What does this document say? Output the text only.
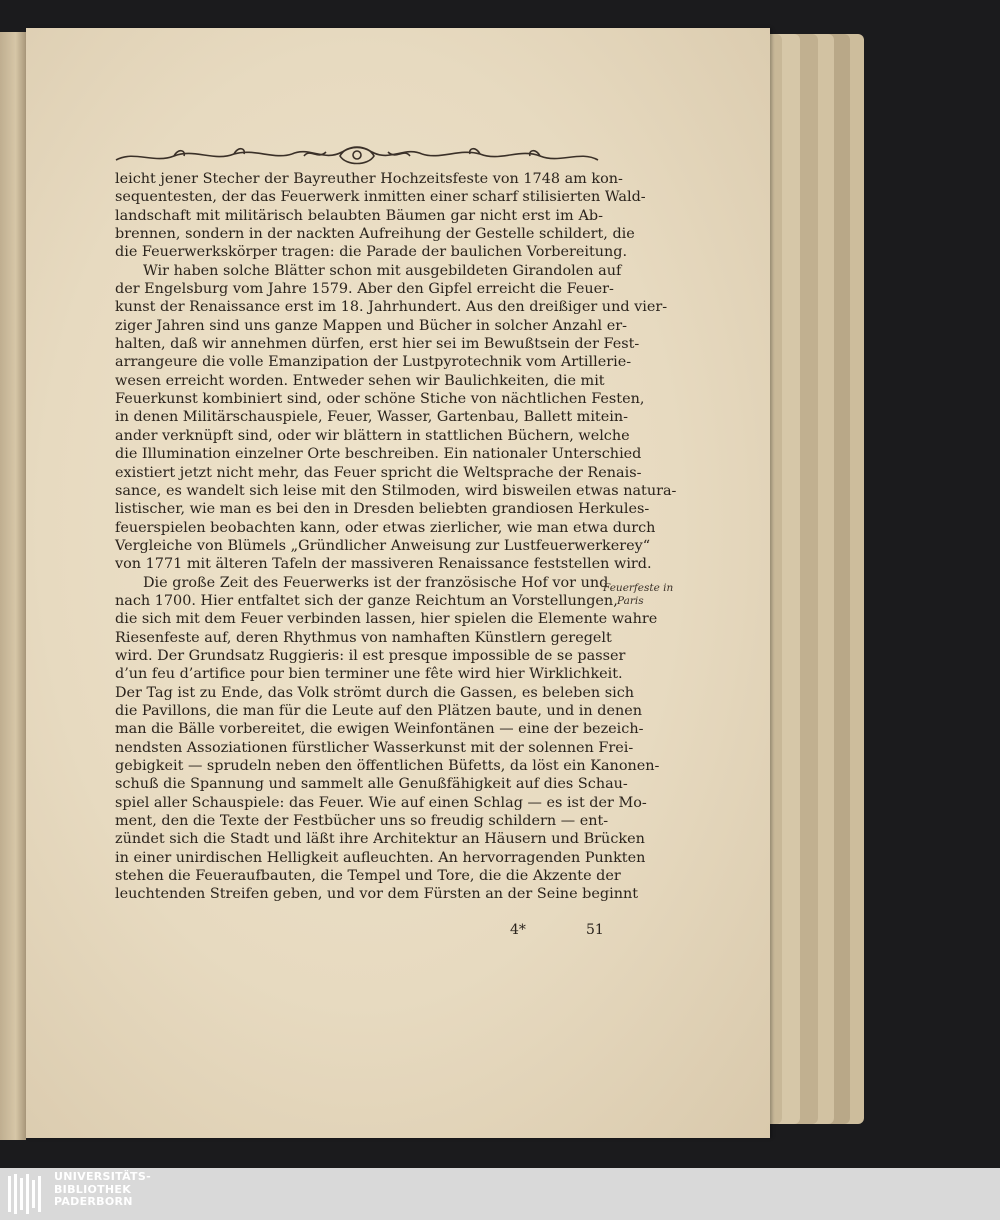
leicht jener Stecher der Bayreuther Hochzeitsfeste von 1748 am kon-
sequentesten, der das Feuerwerk inmitten einer scharf stilisierten Wald-
landschaft mit militärisch belaubten Bäumen gar nicht erst im Ab-
brennen, sondern in der nackten Aufreihung der Gestelle schildert, die
die Feuerwerkskörper tragen: die Parade der baulichen Vorbereitung.
Wir haben solche Blätter schon mit ausgebildeten Girandolen auf
der Engelsburg vom Jahre 1579. Aber den Gipfel erreicht die Feuer-
kunst der Renaissance erst im 18. Jahrhundert. Aus den dreißiger und vier-
ziger Jahren sind uns ganze Mappen und Bücher in solcher Anzahl er-
halten, daß wir annehmen dürfen, erst hier sei im Bewußtsein der Fest-
arrangeure die volle Emanzipation der Lustpyrotechnik vom Artillerie-
wesen erreicht worden. Entweder sehen wir Baulichkeiten, die mit
Feuerkunst kombiniert sind, oder schöne Stiche von nächtlichen Festen,
in denen Militärschauspiele, Feuer, Wasser, Gartenbau, Ballett mitein-
ander verknüpft sind, oder wir blättern in stattlichen Büchern, welche
die Illumination einzelner Orte beschreiben. Ein nationaler Unterschied
existiert jetzt nicht mehr, das Feuer spricht die Weltsprache der Renais-
sance, es wandelt sich leise mit den Stilmoden, wird bisweilen etwas natura-
listischer, wie man es bei den in Dresden beliebten grandiosen Herkules-
feuerspielen beobachten kann, oder etwas zierlicher, wie man etwa durch
Vergleiche von Blümels „Gründlicher Anweisung zur Lustfeuerwerkerey“
von 1771 mit älteren Tafeln der massiveren Renaissance feststellen wird.
Die große Zeit des Feuerwerks ist der französische Hof vor und
nach 1700. Hier entfaltet sich der ganze Reichtum an Vorstellungen,
die sich mit dem Feuer verbinden lassen, hier spielen die Elemente wahre
Riesenfeste auf, deren Rhythmus von namhaften Künstlern geregelt
wird. Der Grundsatz Ruggieris: il est presque impossible de se passer
d’un feu d’artifice pour bien terminer une fête wird hier Wirklichkeit.
Der Tag ist zu Ende, das Volk strömt durch die Gassen, es beleben sich
die Pavillons, die man für die Leute auf den Plätzen baute, und in denen
man die Bälle vorbereitet, die ewigen Weinfontänen — eine der bezeich-
nendsten Assoziationen fürstlicher Wasserkunst mit der solennen Frei-
gebigkeit — sprudeln neben den öffentlichen Büfetts, da löst ein Kanonen-
schuß die Spannung und sammelt alle Genußfähigkeit auf dies Schau-
spiel aller Schauspiele: das Feuer. Wie auf einen Schlag — es ist der Mo-
ment, den die Texte der Festbücher uns so freudig schildern — ent-
zündet sich die Stadt und läßt ihre Architektur an Häusern und Brücken
in einer unirdischen Helligkeit aufleuchten. An hervorragenden Punkten
stehen die Feueraufbauten, die Tempel und Tore, die die Akzente der
leuchtenden Streifen geben, und vor dem Fürsten an der Seine beginnt
Feuerfeste in
Paris
4*	51
UNIVERSITÄTS-
BIBLIOTHEK
PADERBORN
